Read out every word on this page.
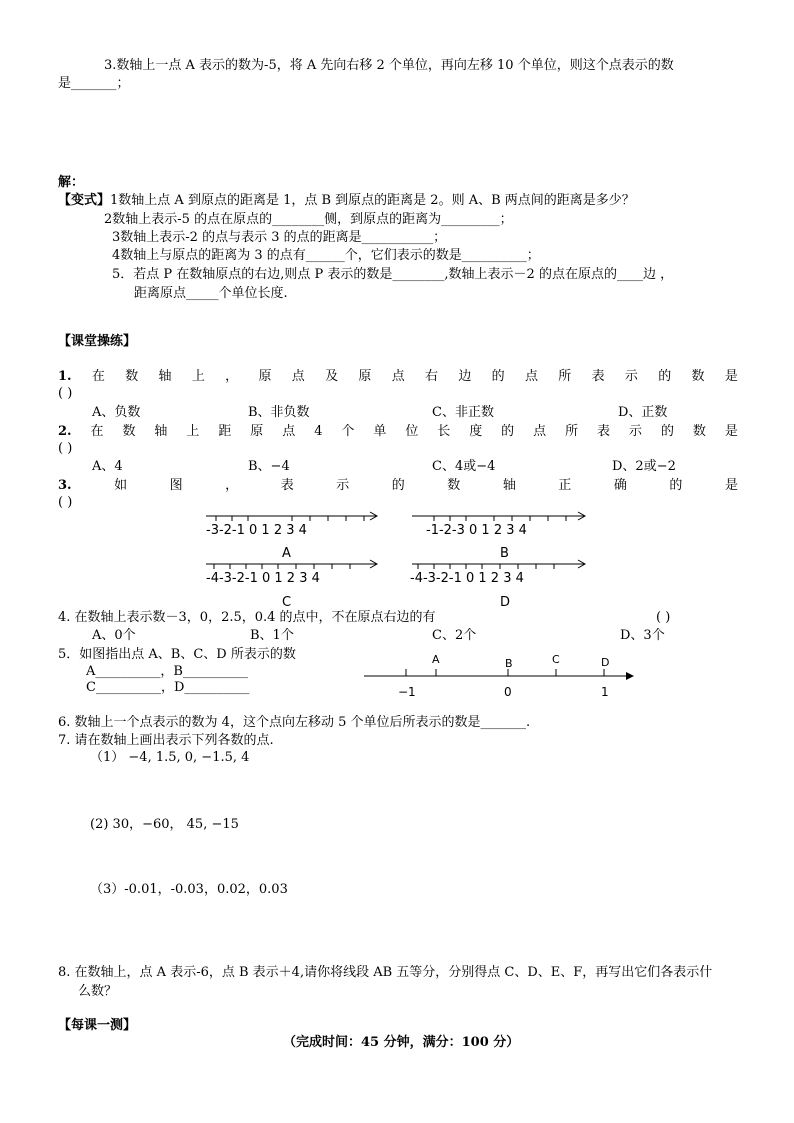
3.数轴上一点 A 表示的数为-5，将 A 先向右移 2 个单位，再向左移 10 个单位，则这个点表示的数
是_______；
解：
【变式】1数轴上点 A 到原点的距离是 1，点 B 到原点的距离是 2。则 A、B 两点间的距离是多少？
2数轴上表示-5 的点在原点的________侧，到原点的距离为_________；
3数轴上表示-2 的点与表示 3 的点的距离是___________；
4数轴上与原点的距离为 3 的点有______个，它们表示的数是__________；
5．若点 P 在数轴原点的右边,则点 P 表示的数是________,数轴上表示－2 的点在原点的____边 ，
距离原点_____个单位长度.
【课堂操练】
1. 在 数 轴 上 ， 原 点 及 原 点 右 边 的 点 所 表 示 的 数 是
( )
A、负数	B、非负数	C、非正数	D、正数
2. 在 数 轴 上 距 原 点 4 个 单 位 长 度 的 点 所 表 示 的 数 是
( )
A、4	B、−4	C、4或−4	D、2或−2
3.	如	图	，	表	示	的	数	轴	正	确	的	是
( )
-3-2-1 0 1 2 3 4
A
-1-2-3 0 1 2 3 4
B
-4-3-2-1 0 1 2 3 4
C
-4-3-2-1 0 1 2 3 4
D
4. 在数轴上表示数－3，0，2.5，0.4 的点中，不在原点右边的有	( )
A、0个	B、1个	C、2个	D、3个
5．如图指出点 A、B、C、D 所表示的数
A__________，B__________
C__________，D__________
A	B	C	D
−1	0	1
6. 数轴上一个点表示的数为 4，这个点向左移动 5 个单位后所表示的数是_______.
7. 请在数轴上画出表示下列各数的点.
（1） −4, 1.5, 0, −1.5, 4
(2) 30，−60， 45, −15
（3）-0.01，-0.03，0.02，0.03
8. 在数轴上，点 A 表示-6，点 B 表示＋4,请你将线段 AB 五等分，分别得点 C、D、E、F，再写出它们各表示什
么数？
【每课一测】
（完成时间：45 分钟，满分：100 分）
